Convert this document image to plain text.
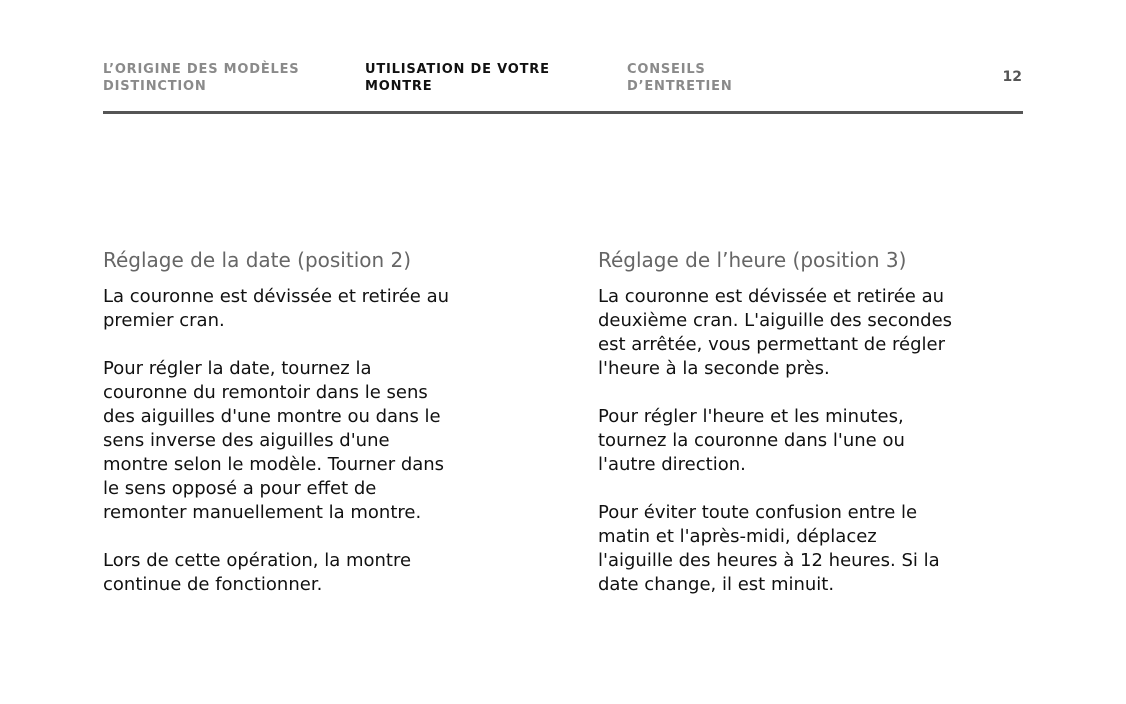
L’ORIGINE DES MODÈLES
DISTINCTION
UTILISATION DE VOTRE
MONTRE
CONSEILS
D’ENTRETIEN
12
Réglage de la date (position 2)

La couronne est dévissée et retirée au
premier cran.

Pour régler la date, tournez la
couronne du remontoir dans le sens
des aiguilles d'une montre ou dans le
sens inverse des aiguilles d'une
montre selon le modèle. Tourner dans
le sens opposé a pour effet de
remonter manuellement la montre.

Lors de cette opération, la montre
continue de fonctionner.

Réglage de l’heure (position 3)

La couronne est dévissée et retirée au
deuxième cran. L'aiguille des secondes
est arrêtée, vous permettant de régler
l'heure à la seconde près.

Pour régler l'heure et les minutes,
tournez la couronne dans l'une ou
l'autre direction.

Pour éviter toute confusion entre le
matin et l'après-midi, déplacez
l'aiguille des heures à 12 heures. Si la
date change, il est minuit.
